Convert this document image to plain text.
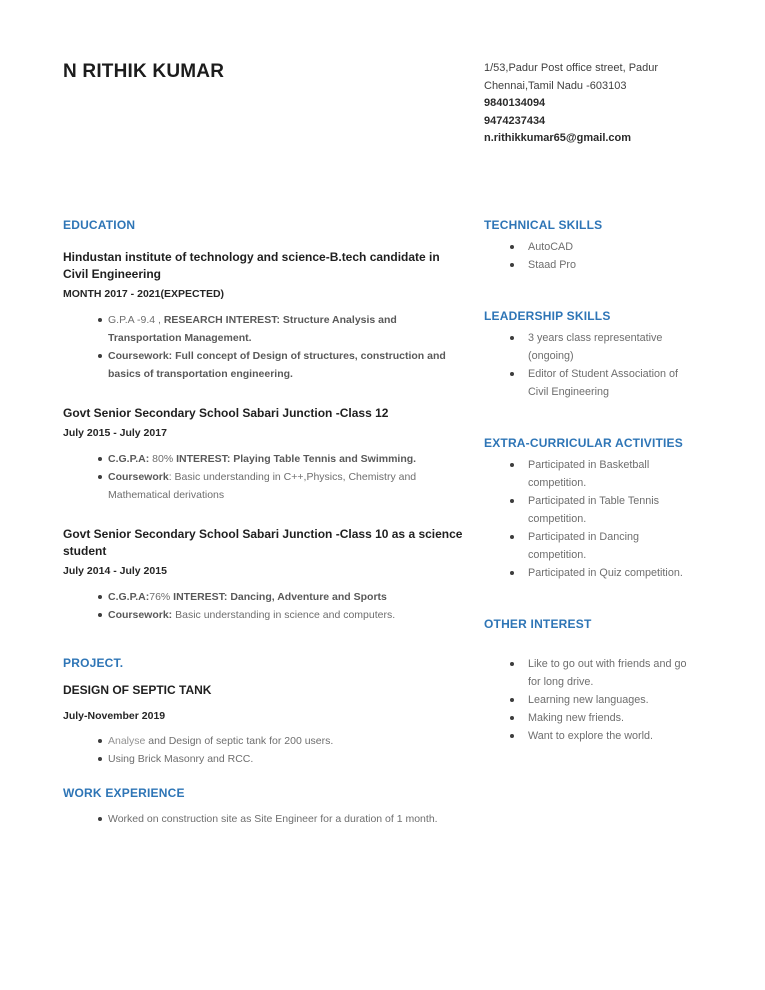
N RITHIK KUMAR	1/53,Padur Post office street, Padur
Chennai,Tamil Nadu -603103
9840134094
9474237434
n.rithikkumar65@gmail.com
EDUCATION
Hindustan institute of technology and science-B.tech candidate in Civil Engineering
MONTH 2017 - 2021(EXPECTED)
G.P.A -9.4 , RESEARCH INTEREST: Structure Analysis and Transportation Management.
Coursework: Full concept of Design of structures, construction and basics of transportation engineering.
Govt Senior Secondary School Sabari Junction -Class 12
July 2015 - July 2017
C.G.P.A: 80% INTEREST: Playing Table Tennis and Swimming.
Coursework: Basic understanding in C++,Physics, Chemistry and Mathematical derivations
Govt Senior Secondary School Sabari Junction -Class 10 as a science student
July 2014 - July 2015
C.G.P.A:76% INTEREST: Dancing, Adventure and Sports
Coursework: Basic understanding in science and computers.
PROJECT.
DESIGN OF SEPTIC TANK
July-November 2019
Analyse and Design of septic tank for 200 users.
Using Brick Masonry and RCC.
WORK EXPERIENCE
Worked on construction site as Site Engineer for a duration of 1 month.
TECHNICAL SKILLS
AutoCAD
Staad Pro
LEADERSHIP SKILLS
3 years class representative (ongoing)
Editor of Student Association of Civil Engineering
EXTRA-CURRICULAR ACTIVITIES
Participated in Basketball competition.
Participated in Table Tennis competition.
Participated in Dancing competition.
Participated in Quiz competition.
OTHER INTEREST
Like to go out with friends and go for long drive.
Learning new languages.
Making new friends.
Want to explore the world.
